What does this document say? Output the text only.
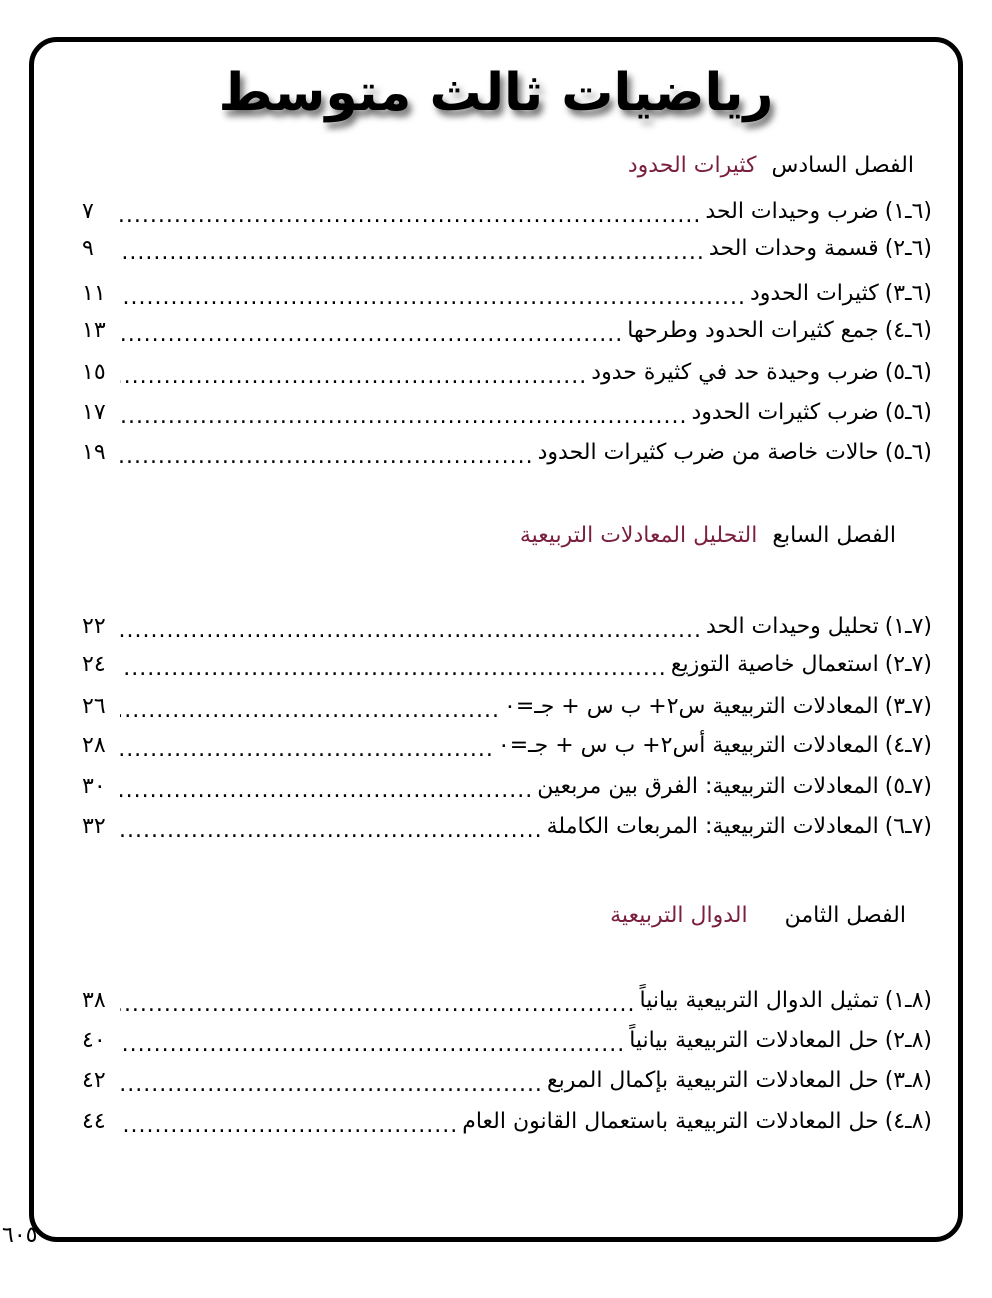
رياضيات ثالث متوسط
الفصل السادس كثيرات الحدود
(٦ـ١)
ضرب وحيدات الحد
.....
٧
(٦ـ٢)
قسمة وحدات الحد
.....
٩
(٦ـ٣)
كثيرات الحدود
.....
١١
(٦ـ٤)
جمع كثيرات الحدود وطرحها
.....
١٣
(٦ـ٥)
ضرب وحيدة حد في كثيرة حدود
.....
١٥
(٦ـ٥)
ضرب كثيرات الحدود
.....
١٧
(٦ـ٥)
حالات خاصة من ضرب كثيرات الحدود
.....
١٩
الفصل السابع التحليل المعادلات التربيعية
(٧ـ١)
تحليل وحيدات الحد
.....
٢٢
(٧ـ٢)
استعمال خاصية التوزيع
.....
٢٤
(٧ـ٣)
المعادلات التربيعية س٢+ ب س + جـ=٠
.....
٢٦
(٧ـ٤)
المعادلات التربيعية أس٢+ ب س + جـ=٠
.....
٢٨
(٧ـ٥)
المعادلات التربيعية: الفرق بين مربعين
.....
٣٠
(٧ـ٦)
المعادلات التربيعية: المربعات الكاملة
.....
٣٢
الفصل الثامن الدوال التربيعية
(٨ـ١)
تمثيل الدوال التربيعية بيانياً
.....
٣٨
(٨ـ٢)
حل المعادلات التربيعية بيانياً
.....
٤٠
(٨ـ٣)
حل المعادلات التربيعية بإكمال المربع
.....
٤٢
(٨ـ٤)
حل المعادلات التربيعية باستعمال القانون العام
.....
٤٤
٦٠٥
